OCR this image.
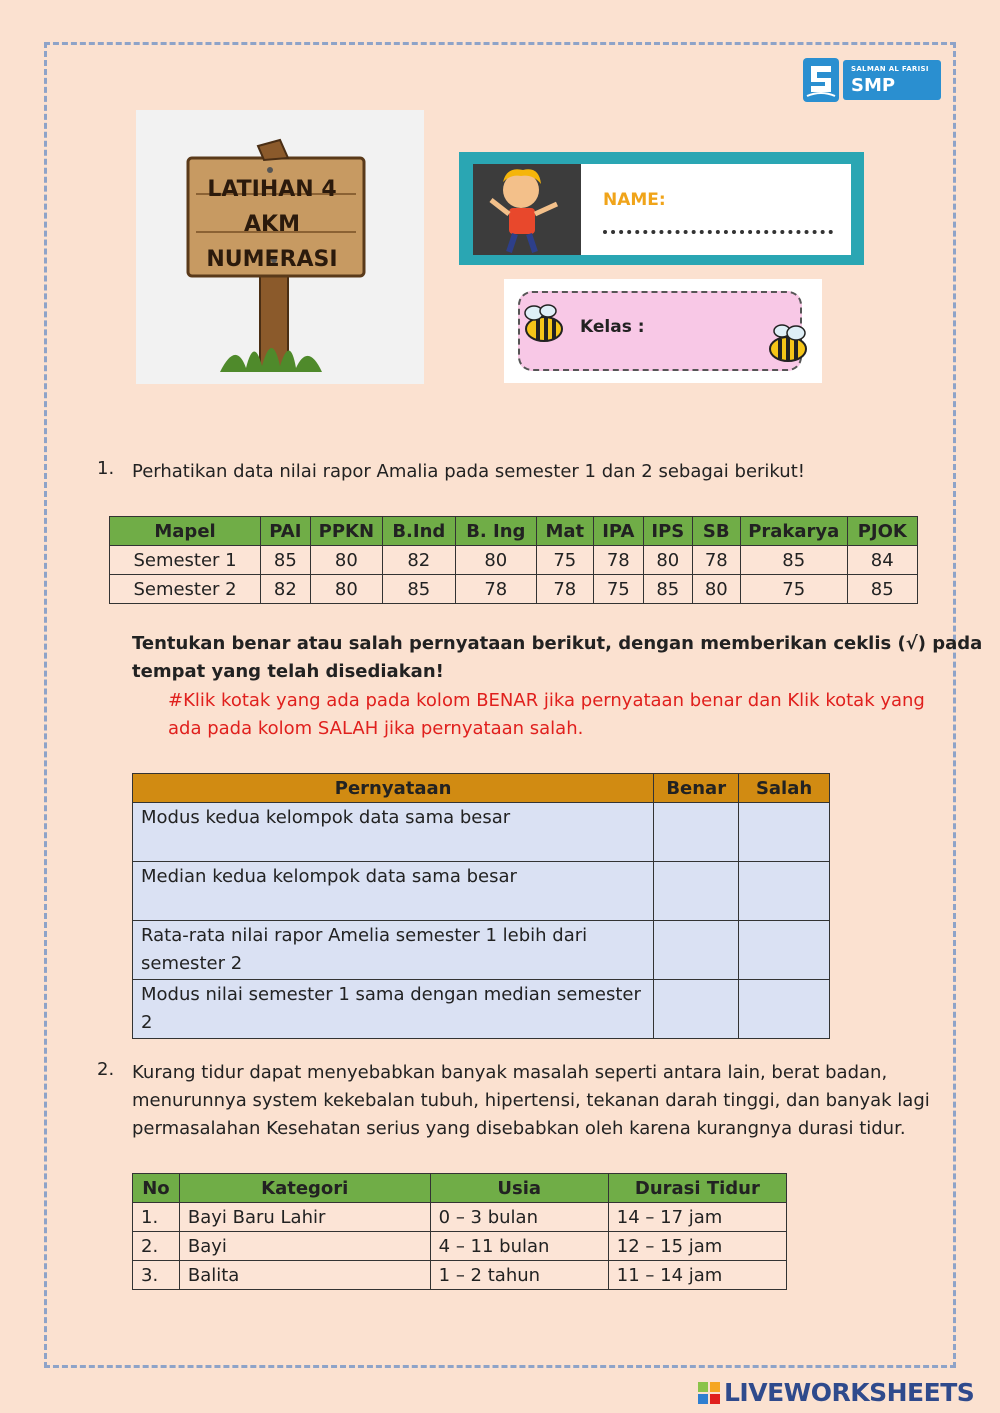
SALMAN AL FARISI
SMP
LATIHAN 4
AKM
NUMERASI
NAME:
Kelas :
1. Perhatikan data nilai rapor Amalia pada semester 1 dan 2 sebagai berikut!
Mapel	PAI	PPKN	B.Ind	B. Ing	Mat	IPA	IPS	SB	Prakarya	PJOK
Semester 1	85	80	82	80	75	78	80	78	85	84
Semester 2	82	80	85	78	78	75	85	80	75	85
Tentukan benar atau salah pernyataan berikut, dengan memberikan ceklis (√) pada
tempat yang telah disediakan!
#Klik kotak yang ada pada kolom BENAR jika pernyataan benar dan Klik kotak yang
ada pada kolom SALAH jika pernyataan salah.
Pernyataan	Benar	Salah
Modus kedua kelompok data sama besar		
Median kedua kelompok data sama besar		
Rata-rata nilai rapor Amelia semester 1 lebih dari semester 2		
Modus nilai semester 1 sama dengan median semester 2		
2. Kurang tidur dapat menyebabkan banyak masalah seperti antara lain, berat badan,
menurunnya system kekebalan tubuh, hipertensi, tekanan darah tinggi, dan banyak lagi
permasalahan Kesehatan serius yang disebabkan oleh karena kurangnya durasi tidur.
No	Kategori	Usia	Durasi Tidur
1.	Bayi Baru Lahir	0 – 3 bulan	14 – 17 jam
2.	Bayi	4 – 11 bulan	12 – 15 jam
3.	Balita	1 – 2 tahun	11 – 14 jam
LIVEWORKSHEETS
